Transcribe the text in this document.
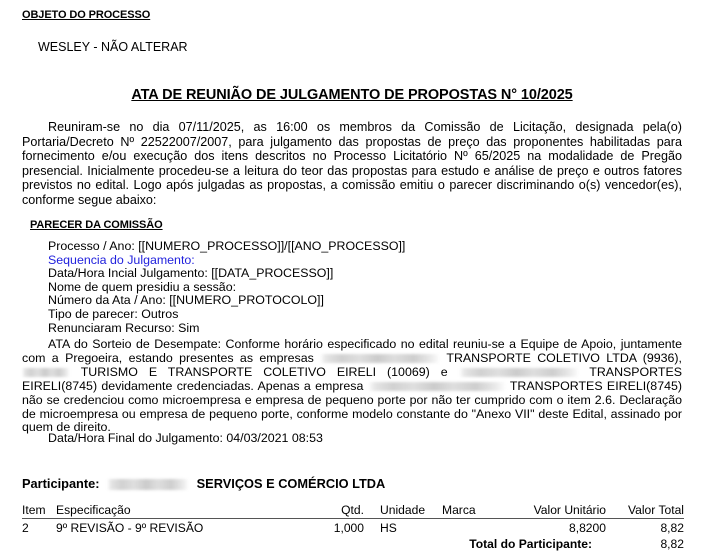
OBJETO DO PROCESSO
WESLEY - NÃO ALTERAR
ATA DE REUNIÃO DE JULGAMENTO DE PROPOSTAS N° 10/2025
Reuniram-se no dia 07/11/2025, as 16:00 os membros da Comissão de Licitação, designada pela(o) Portaria/Decreto Nº 22522007/2007, para julgamento das propostas de preço das proponentes habilitadas para fornecimento e/ou execução dos itens descritos no Processo Licitatório Nº 65/2025 na modalidade de Pregão presencial. Inicialmente procedeu-se a leitura do teor das propostas para estudo e análise de preço e outros fatores previstos no edital. Logo após julgadas as propostas, a comissão emitiu o parecer discriminando o(s) vencedor(es), conforme segue abaixo:
PARECER DA COMISSÃO
Processo / Ano: [[NUMERO_PROCESSO]]/[[ANO_PROCESSO]]
Sequencia do Julgamento:
Data/Hora Incial Julgamento: [[DATA_PROCESSO]]
Nome de quem presidiu a sessão:
Número da Ata / Ano: [[NUMERO_PROTOCOLO]]
Tipo de parecer: Outros
Renunciaram Recurso: Sim
ATA do Sorteio de Desempate: Conforme horário especificado no edital reuniu-se a Equipe de Apoio, juntamente com a Pregoeira, estando presentes as empresas	TRANSPORTE COLETIVO LTDA (9936),  TURISMO E TRANSPORTE COLETIVO EIRELI (10069) e	TRANSPORTES EIRELI(8745) devidamente credenciadas. Apenas a empresa	TRANSPORTES EIRELI(8745) não se credenciou como microempresa e empresa de pequeno porte por não ter cumprido com o item 2.6. Declaração de microempresa ou empresa de pequeno porte, conforme modelo constante do "Anexo VII" deste Edital, assinado por quem de direito.
Data/Hora Final do Julgamento: 04/03/2021 08:53
Participante:	SERVIÇOS E COMÉRCIO LTDA
Item	Especificação	Qtd.	Unidade	Marca	Valor Unitário	Valor Total
2	9º REVISÃO - 9º REVISÃO	1,000	HS		8,8200	8,82
Total do Participante:						8,82
